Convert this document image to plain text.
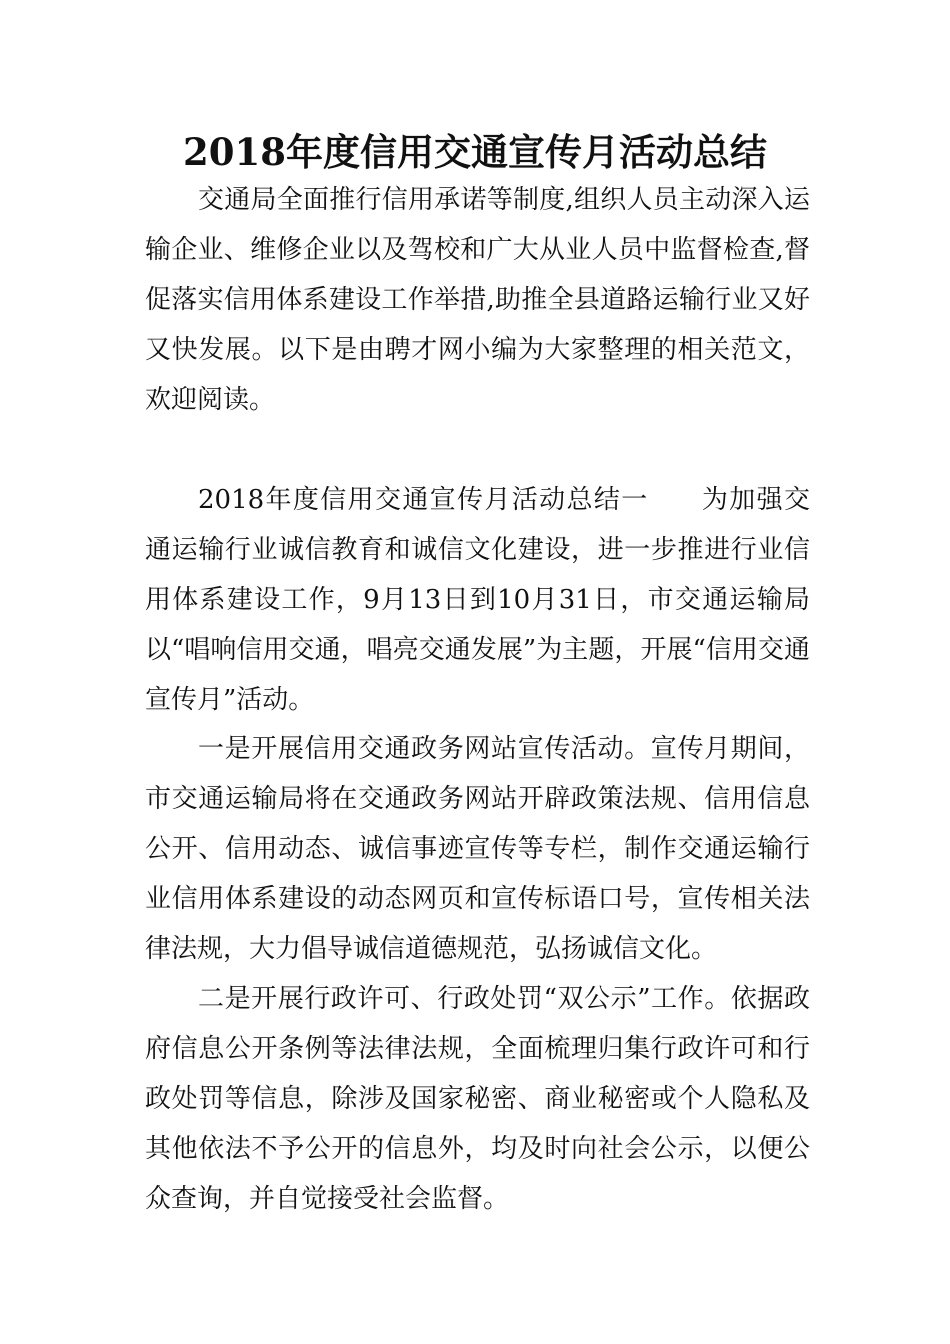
2018年度信用交通宣传月活动总结

交通局全面推行信用承诺等制度,组织人员主动深入运输企业、维修企业以及驾校和广大从业人员中监督检查,督促落实信用体系建设工作举措,助推全县道路运输行业又好又快发展。以下是由聘才网小编为大家整理的相关范文，欢迎阅读。

2018年度信用交通宣传月活动总结一 为加强交通运输行业诚信教育和诚信文化建设，进一步推进行业信用体系建设工作，9月13日到10月31日，市交通运输局以“唱响信用交通，唱亮交通发展”为主题，开展“信用交通宣传月”活动。

一是开展信用交通政务网站宣传活动。宣传月期间，市交通运输局将在交通政务网站开辟政策法规、信用信息公开、信用动态、诚信事迹宣传等专栏，制作交通运输行业信用体系建设的动态网页和宣传标语口号，宣传相关法律法规，大力倡导诚信道德规范，弘扬诚信文化。

二是开展行政许可、行政处罚“双公示”工作。依据政府信息公开条例等法律法规，全面梳理归集行政许可和行政处罚等信息，除涉及国家秘密、商业秘密或个人隐私及其他依法不予公开的信息外，均及时向社会公示，以便公众查询，并自觉接受社会监督。
